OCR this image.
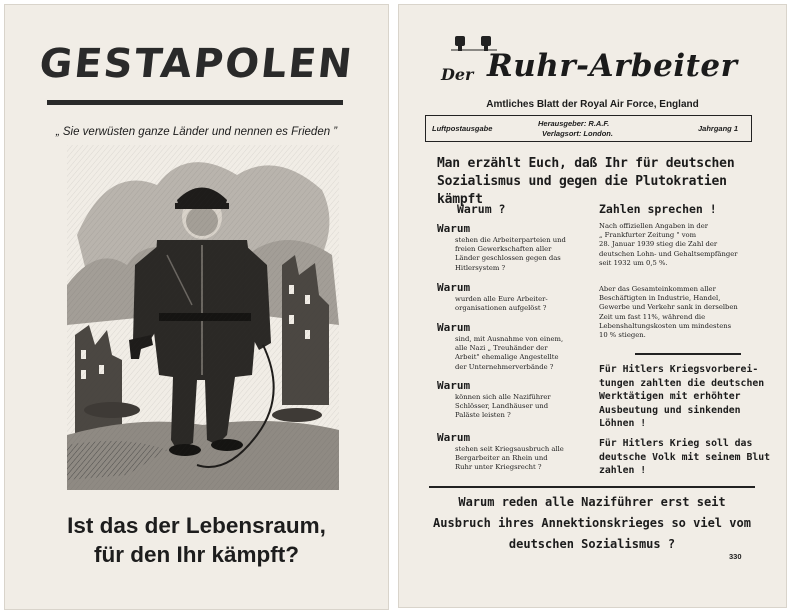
GESTAPOLEN
„ Sie verwüsten ganze Länder und nennen es Frieden ”
Ist das der Lebensraum,
für den Ihr kämpft?
Der Ruhr-Arbeiter
Amtliches Blatt der Royal Air Force, England
Luftpostausgabe
Herausgeber: R.A.F.
Verlagsort: London.
Jahrgang 1
Man erzählt Euch, daß Ihr für deutschen
Sozialismus und gegen die Plutokratien kämpft
Warum ?
Warum
stehen die Arbeiterparteien und
freien Gewerkschaften aller
Länder geschlossen gegen das
Hitlersystem ?
Warum
wurden alle Eure Arbeiter-
organisationen aufgelöst ?
Warum
sind, mit Ausnahme von einem,
alle Nazi „ Treuhänder der
Arbeit" ehemalige Angestellte
der Unternehmerverbände ?
Warum
können sich alle Naziführer
Schlösser, Landhäuser und
Paläste leisten ?
Warum
stehen seit Kriegsausbruch alle
Bergarbeiter an Rhein und
Ruhr unter Kriegsrecht ?
Zahlen sprechen !
Nach offiziellen Angaben in der
„ Frankfurter Zeitung " vom
28. Januar 1939 stieg die Zahl der
deutschen Lohn- und Gehaltsempfänger
seit 1932 um 0,5 %.
Aber das Gesamteinkommen aller
Beschäftigten in Industrie, Handel,
Gewerbe und Verkehr sank in derselben
Zeit um fast 11%, während die
Lebenshaltungskosten um mindestens
10 % stiegen.
Für Hitlers Kriegsvorberei-
tungen zahlten die deutschen
Werktätigen mit erhöhter
Ausbeutung und sinkenden
Löhnen !
Für Hitlers Krieg soll das
deutsche Volk mit seinem Blut
zahlen !
Warum reden alle Naziführer erst seit
Ausbruch ihres Annektionskrieges so viel vom
deutschen Sozialismus ?
330
